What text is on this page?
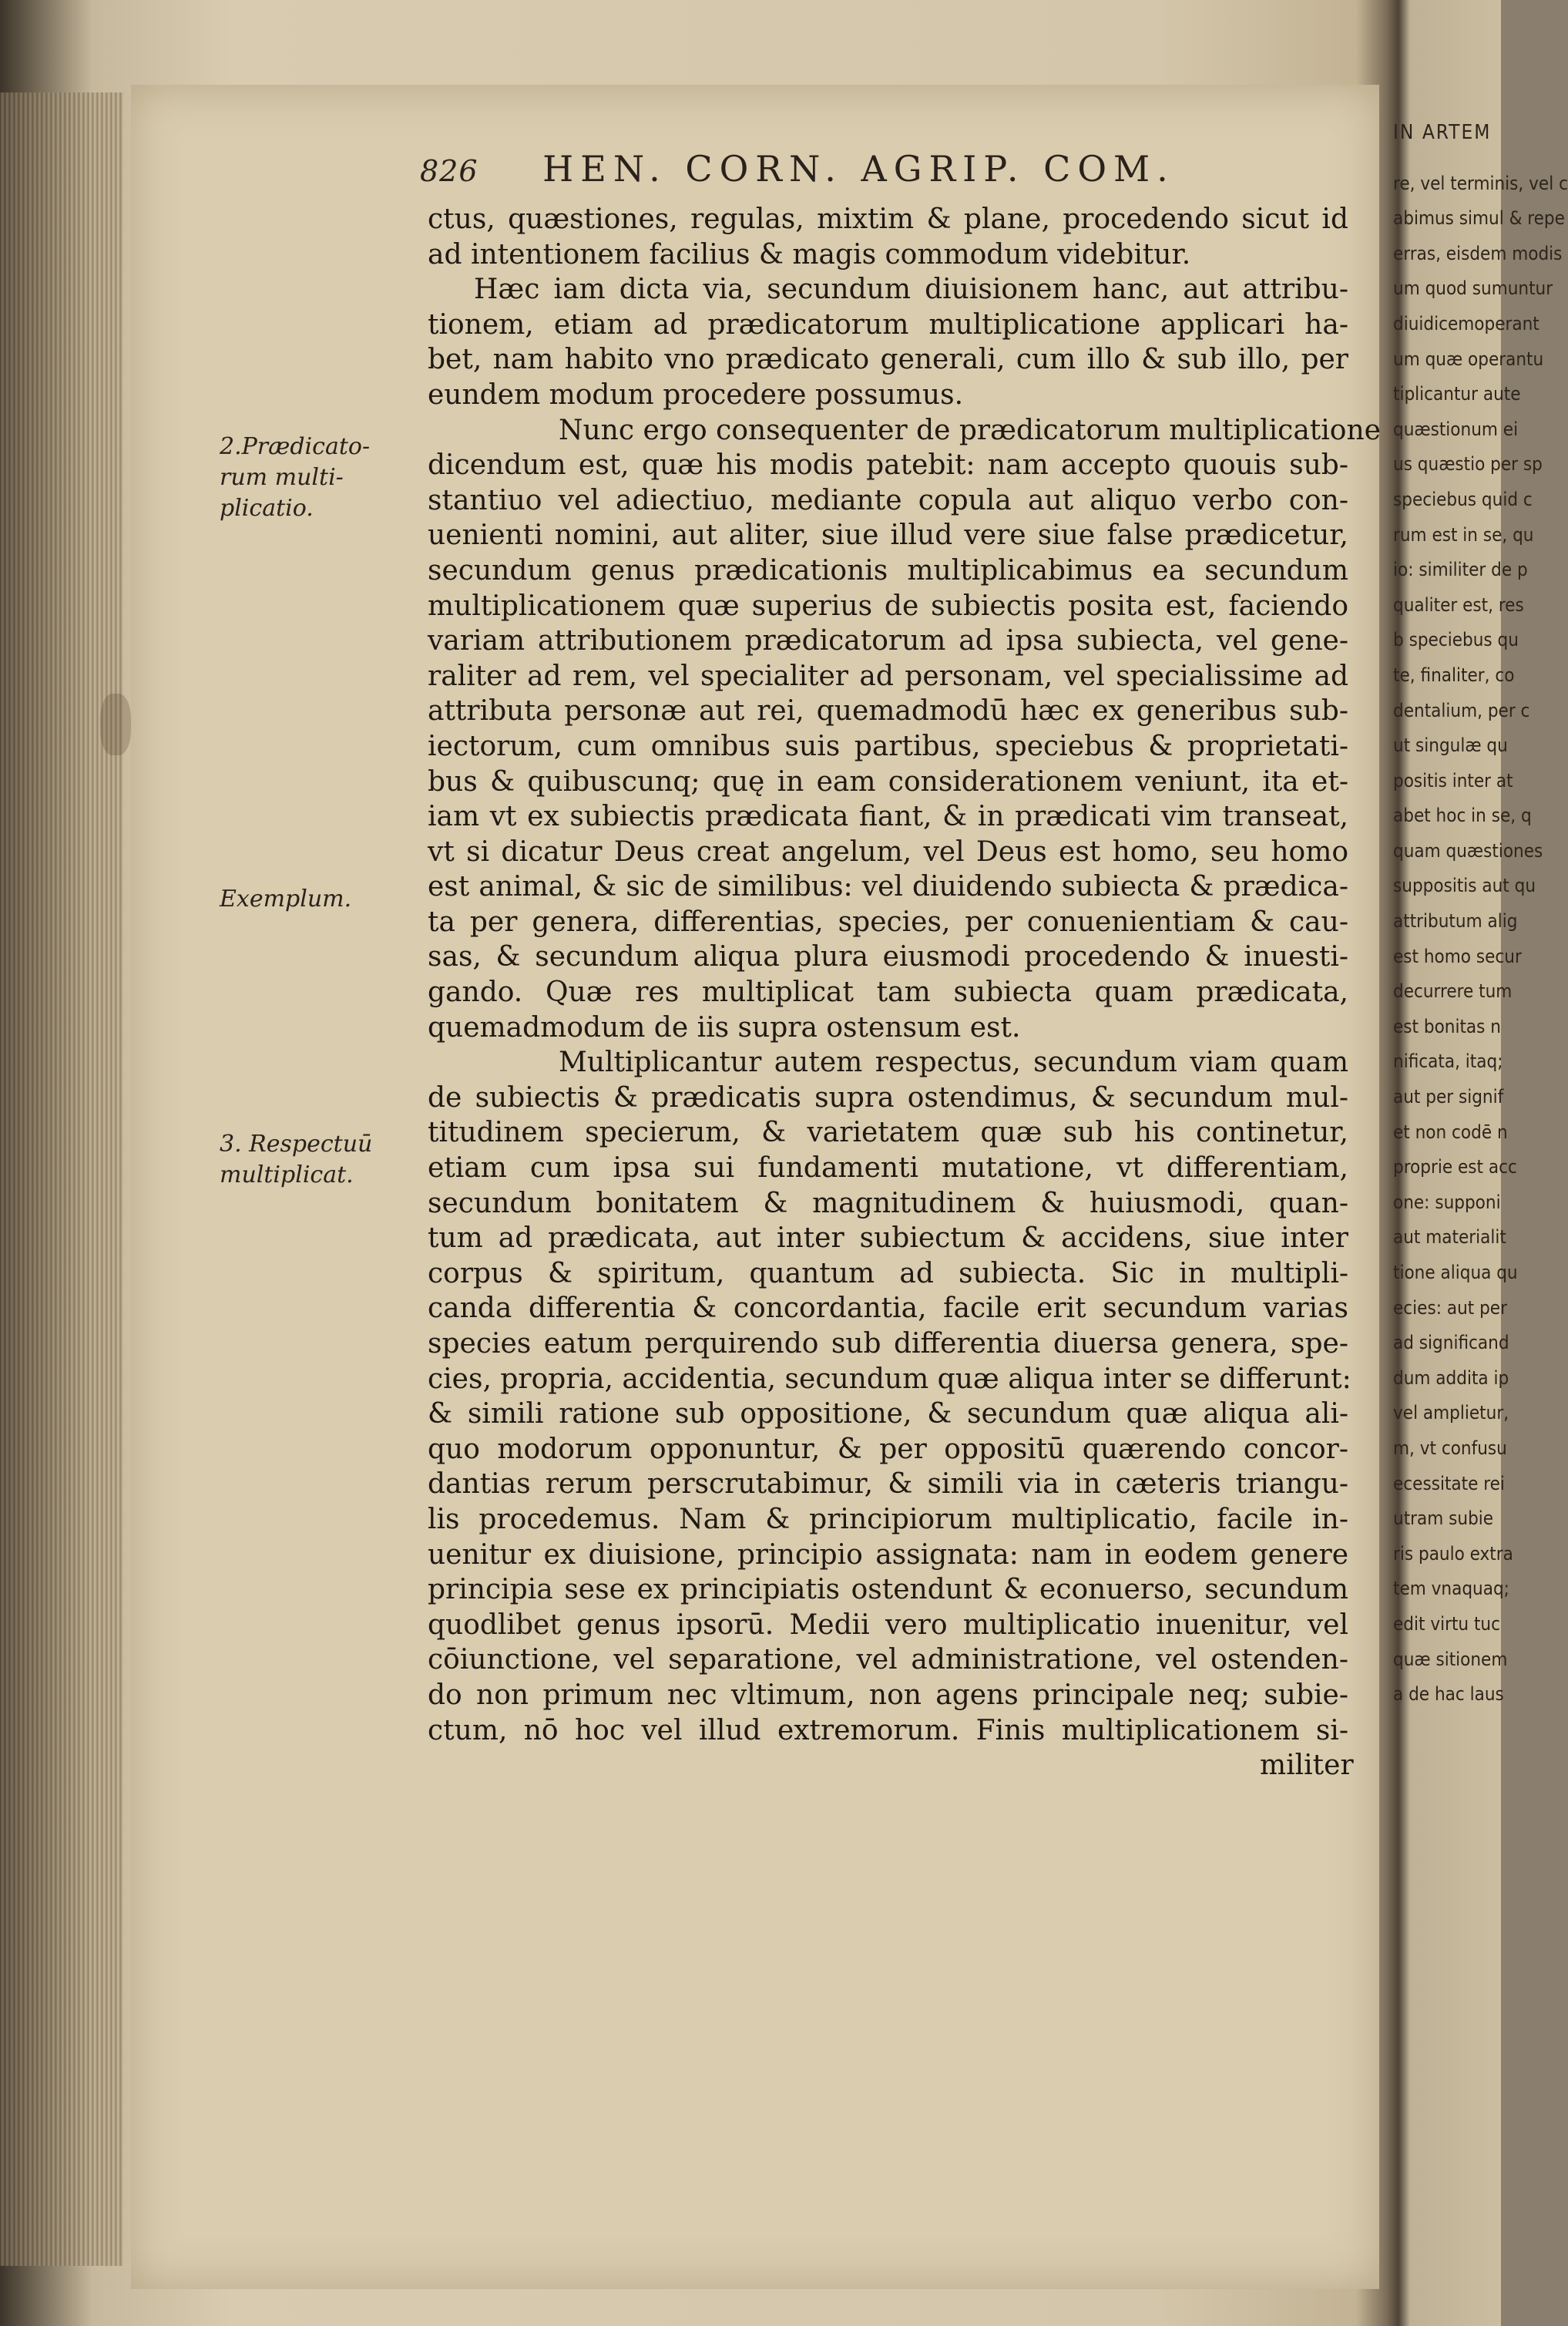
826 HEN. CORN. AGRIP. COM.
2.Prædicato-rum multi-plicatio.
Exemplum.
3. Respectuū multiplicat.
ctus, quæstiones, regulas, mixtim & plane, procedendo sicut id
ad intentionem facilius & magis commodum videbitur.
Hæc iam dicta via, secundum diuisionem hanc, aut attribu-
tionem, etiam ad prædicatorum multiplicatione applicari ha-
bet, nam habito vno prædicato generali, cum illo & sub illo, per
eundem modum procedere possumus.
Nunc ergo consequenter de prædicatorum multiplicatione
dicendum est, quæ his modis patebit: nam accepto quouis sub-
stantiuo vel adiectiuo, mediante copula aut aliquo verbo con-
uenienti nomini, aut aliter, siue illud vere siue false prædicetur,
secundum genus prædicationis multiplicabimus ea secundum
multiplicationem quæ superius de subiectis posita est, faciendo
variam attributionem prædicatorum ad ipsa subiecta, vel gene-
raliter ad rem, vel specialiter ad personam, vel specialissime ad
attributa personæ aut rei, quemadmodū hæc ex generibus sub-
iectorum, cum omnibus suis partibus, speciebus & proprietati-
bus & quibuscunq; quę in eam considerationem veniunt, ita et-
iam vt ex subiectis prædicata fiant, & in prædicati vim transeat,
vt si dicatur Deus creat angelum, vel Deus est homo, seu homo
est animal, & sic de similibus: vel diuidendo subiecta & prædica-
ta per genera, differentias, species, per conuenientiam & cau-
sas, & secundum aliqua plura eiusmodi procedendo & inuesti-
gando. Quæ res multiplicat tam subiecta quam prædicata,
quemadmodum de iis supra ostensum est.
Multiplicantur autem respectus, secundum viam quam
de subiectis & prædicatis supra ostendimus, & secundum mul-
titudinem specierum, & varietatem quæ sub his continetur,
etiam cum ipsa sui fundamenti mutatione, vt differentiam,
secundum bonitatem & magnitudinem & huiusmodi, quan-
tum ad prædicata, aut inter subiectum & accidens, siue inter
corpus & spiritum, quantum ad subiecta. Sic in multipli-
canda differentia & concordantia, facile erit secundum varias
species eatum perquirendo sub differentia diuersa genera, spe-
cies, propria, accidentia, secundum quæ aliqua inter se differunt:
& simili ratione sub oppositione, & secundum quæ aliqua ali-
quo modorum opponuntur, & per oppositū quærendo concor-
dantias rerum perscrutabimur, & simili via in cæteris triangu-
lis procedemus. Nam & principiorum multiplicatio, facile in-
uenitur ex diuisione, principio assignata: nam in eodem genere
principia sese ex principiatis ostendunt & econuerso, secundum
quodlibet genus ipsorū. Medii vero multiplicatio inuenitur, vel
cōiunctione, vel separatione, vel administratione, vel ostenden-
do non primum nec vltimum, non agens principale neq; subie-
ctum, nō hoc vel illud extremorum. Finis multiplicationem si-
militer
IN ARTEM
re, vel terminis, vel c
abimus simul & repe
erras, eisdem modis
um quod sumuntur
diuidicemoperant
um quæ operantu
tiplicantur aute
quæstionum ei
us quæstio per sp
speciebus quid c
rum est in se, qu
io: similiter de p
qualiter est, res
b speciebus qu
te, finaliter, co
dentalium, per c
ut singulæ qu
positis inter at
abet hoc in se, q
quam quæstiones
suppositis aut qu
attributum alig
est homo secur
decurrere tum
est bonitas n
nificata, itaq;
aut per signif
et non codē n
proprie est acc
one: supponi
aut materialit
tione aliqua qu
ecies: aut per
ad significand
dum addita ip
vel amplietur,
m, vt confusu
ecessitate rei
utram subie
ris paulo extra
tem vnaquaq;
edit virtu tuc
quæ sitionem
a de hac laus
